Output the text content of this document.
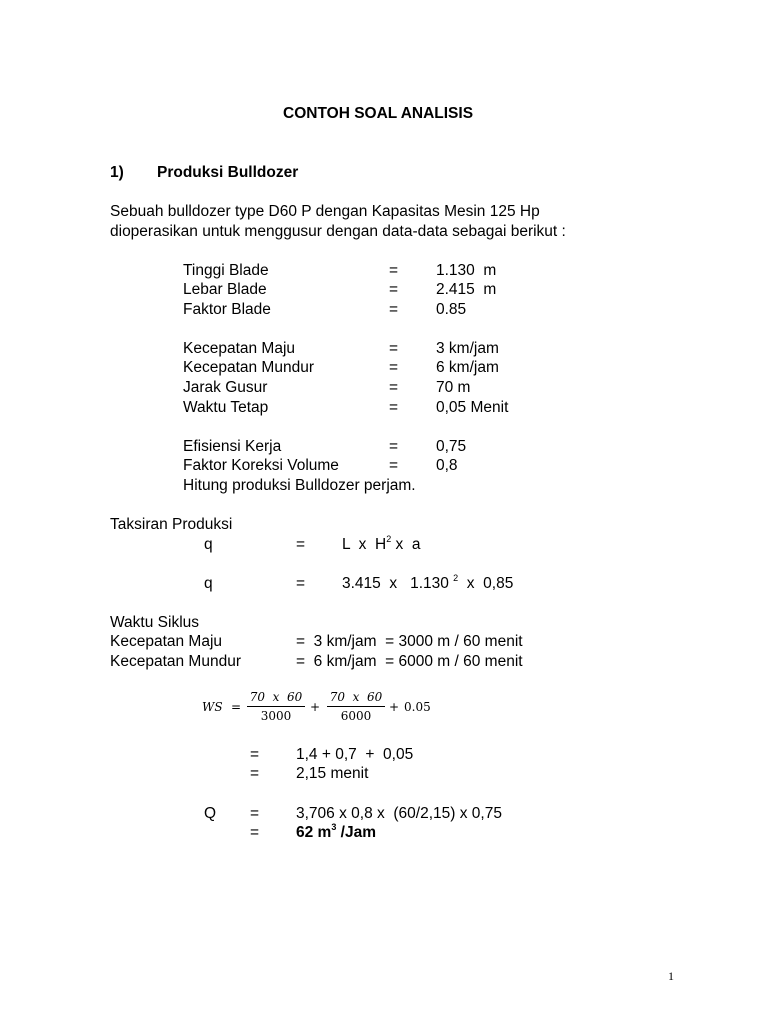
CONTOH SOAL ANALISIS
1) Produksi Bulldozer
Sebuah bulldozer type D60 P dengan Kapasitas Mesin 125 Hp
dioperasikan untuk menggusur dengan data-data sebagai berikut :
Tinggi Blade	= 1.130  m
Lebar Blade	= 2.415  m
Faktor Blade	= 0.85
Kecepatan Maju	= 3 km/jam
Kecepatan Mundur	= 6 km/jam
Jarak Gusur	= 70 m
Waktu Tetap	= 0,05 Menit
Efisiensi Kerja	= 0,75
Faktor Koreksi Volume	= 0,8
Hitung produksi Bulldozer perjam.
Taksiran Produksi
q	= L  x  $H^2$ x  a
q	= 3.415  x   1.130 $^2$  x  0,85
Waktu Siklus
Kecepatan Maju	=  3 km/jam  = 3000 m / 60 menit
Kecepatan Mundur	=  6 km/jam  = 6000 m / 60 menit
WS =
70  x  60
3000
+
70  x  60
6000
+ 0.05
= 1,4 + 0,7  +  0,05
= 2,15 menit
Q = 3,706 x 0,8 x  (60/2,15) x 0,75
= 62 $m^3$ /Jam
1
